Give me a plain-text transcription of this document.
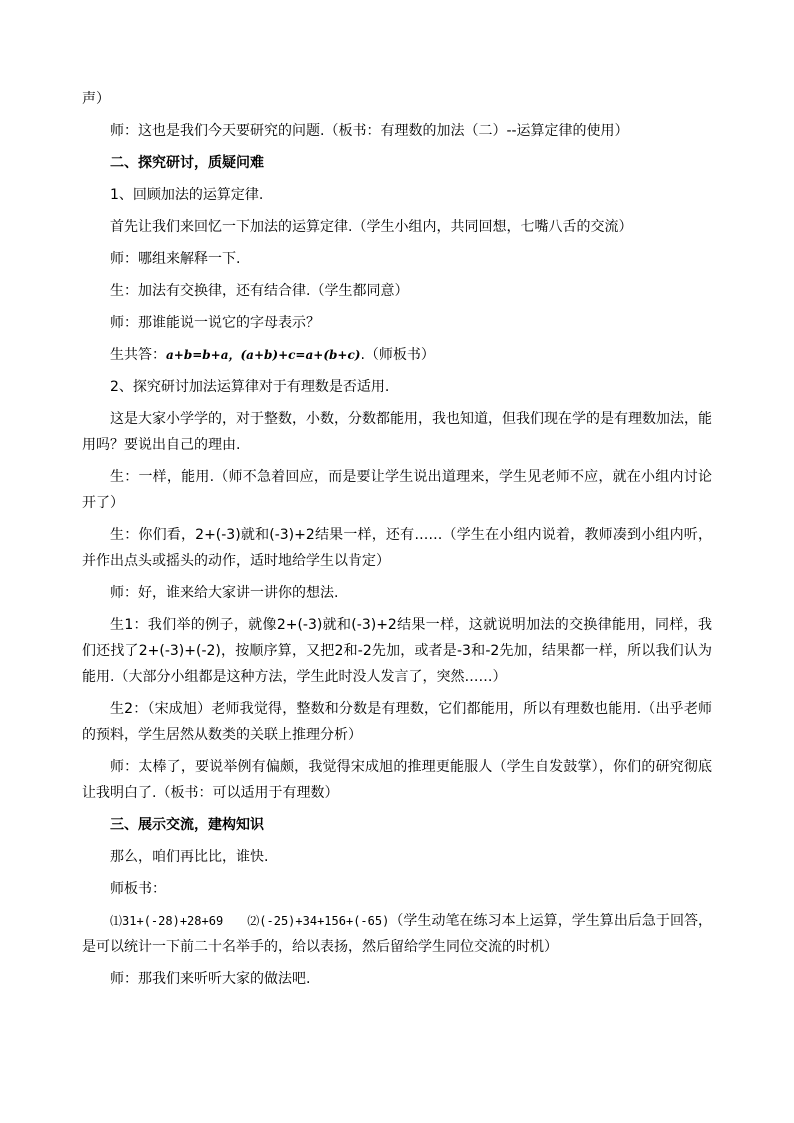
声）

师：这也是我们今天要研究的问题.（板书：有理数的加法（二）--运算定律的使用）

二、探究研讨，质疑问难

1、回顾加法的运算定律.

首先让我们来回忆一下加法的运算定律.（学生小组内，共同回想，七嘴八舌的交流）

师：哪组来解释一下.

生：加法有交换律，还有结合律.（学生都同意）

师：那谁能说一说它的字母表示？

生共答：a+b=b+a，(a+b)+c=a+(b+c).（师板书）

2、探究研讨加法运算律对于有理数是否适用.

这是大家小学学的，对于整数，小数，分数都能用，我也知道，但我们现在学的是有理数加法，能用吗？要说出自己的理由.

生：一样，能用.（师不急着回应，而是要让学生说出道理来，学生见老师不应，就在小组内讨论开了）

生：你们看，2+(-3)就和(-3)+2结果一样，还有……（学生在小组内说着，教师凑到小组内听，并作出点头或摇头的动作，适时地给学生以肯定）

师：好，谁来给大家讲一讲你的想法.

生1：我们举的例子，就像2+(-3)就和(-3)+2结果一样，这就说明加法的交换律能用，同样，我们还找了2+(-3)+(-2)，按顺序算，又把2和-2先加，或者是-3和-2先加，结果都一样，所以我们认为能用.（大部分小组都是这种方法，学生此时没人发言了，突然……）

生2：（宋成旭）老师我觉得，整数和分数是有理数，它们都能用，所以有理数也能用.（出乎老师的预料，学生居然从数类的关联上推理分析）

师：太棒了，要说举例有偏颇，我觉得宋成旭的推理更能服人（学生自发鼓掌），你们的研究彻底让我明白了.（板书：可以适用于有理数）

三、展示交流，建构知识

那么，咱们再比比，谁快.

师板书：

⑴31+(-28)+28+69　　⑵(-25)+34+156+(-65)（学生动笔在练习本上运算，学生算出后急于回答，是可以统计一下前二十名举手的，给以表扬，然后留给学生同位交流的时机）

师：那我们来听听大家的做法吧.
